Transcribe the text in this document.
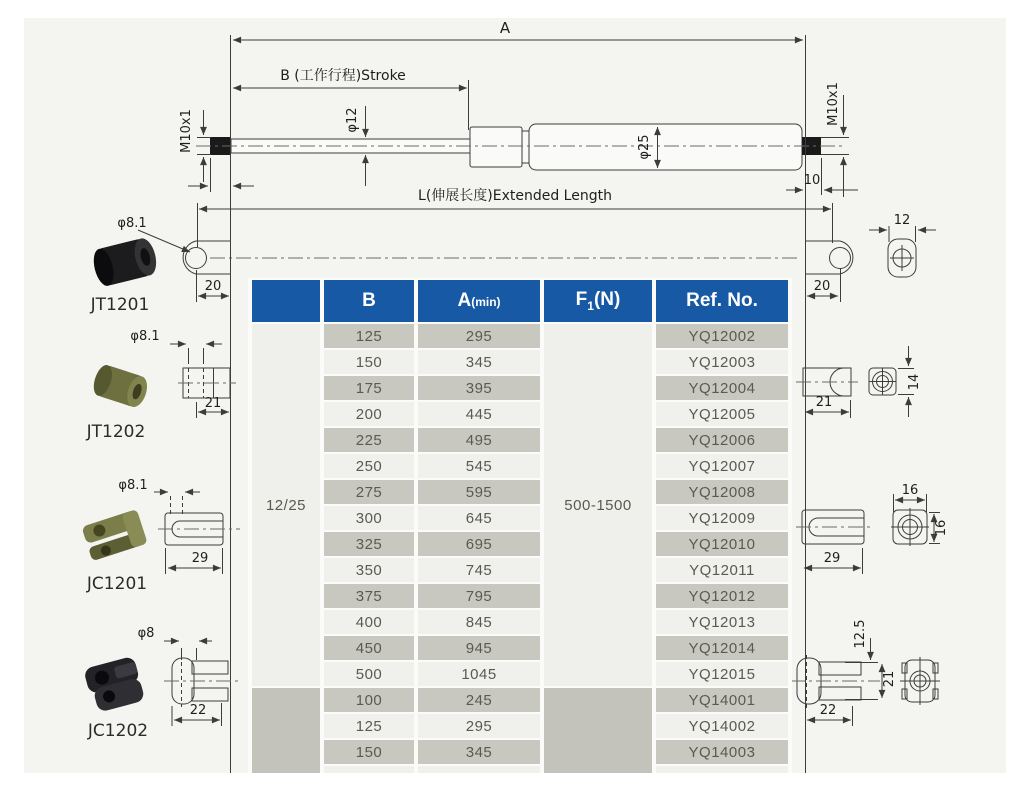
A
B (工作行程)Stroke
L(伸展长度)Extended Length
φ12
φ25
M10x1
M10x1
10
φ8.1
20
JT1201
φ8.1
21
JT1202
φ8.1
29
JC1201
φ8
22
JC1202
20
12
21
14
29
16
16
12.5
21
22
	B	A(min)	$F_1(N)$	Ref. No.
12/25	125	295	500-1500	YQ12002
	150	345		YQ12003
	175	395		YQ12004
	200	445		YQ12005
	225	495		YQ12006
	250	545		YQ12007
	275	595		YQ12008
	300	645		YQ12009
	325	695		YQ12010
	350	745		YQ12011
	375	795		YQ12012
	400	845		YQ12013
	450	945		YQ12014
	500	1045		YQ12015
	100	245		YQ14001
	125	295		YQ14002
	150	345		YQ14003
